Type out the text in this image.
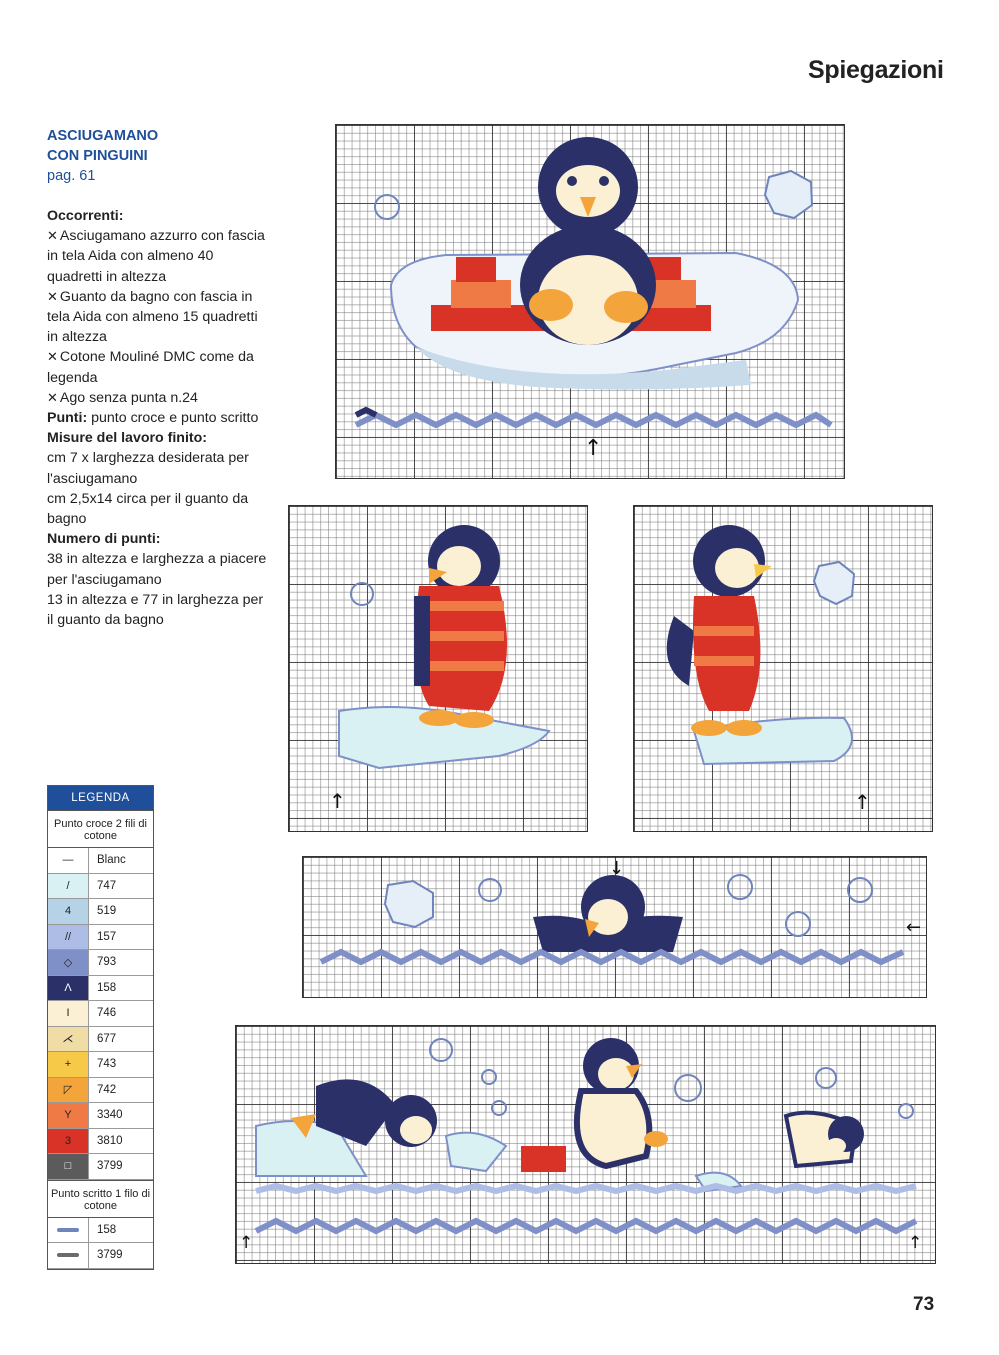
Spiegazioni
ASCIUGAMANO
CON PINGUINI
pag. 61
Occorrenti:
✕ Asciugamano azzurro con fascia in tela Aida con almeno 40 quadretti in altezza
✕ Guanto da bagno con fascia in tela Aida con almeno 15 quadretti in altezza
✕ Cotone Mouliné DMC come da legenda
✕ Ago senza punta n.24
Punti: punto croce e punto scritto
Misure del lavoro finito:
cm 7 x larghezza desiderata per l'asciugamano
cm 2,5x14 circa per il guanto da bagno
Numero di punti:
38 in altezza e larghezza a piacere per l'asciugamano
13 in altezza e 77 in larghezza per il guanto da bagno
↑
↑	↑
↓
←
↑	↑
LEGENDA
Punto croce 2 fili di cotone
—	Blanc
/	747
4	519
//	157
◇	793
Λ	158
I	746
⋌	677
+	743
◸	742
Y	3340
3	3810
□	3799
Punto scritto 1 filo di cotone
158
3799
73
